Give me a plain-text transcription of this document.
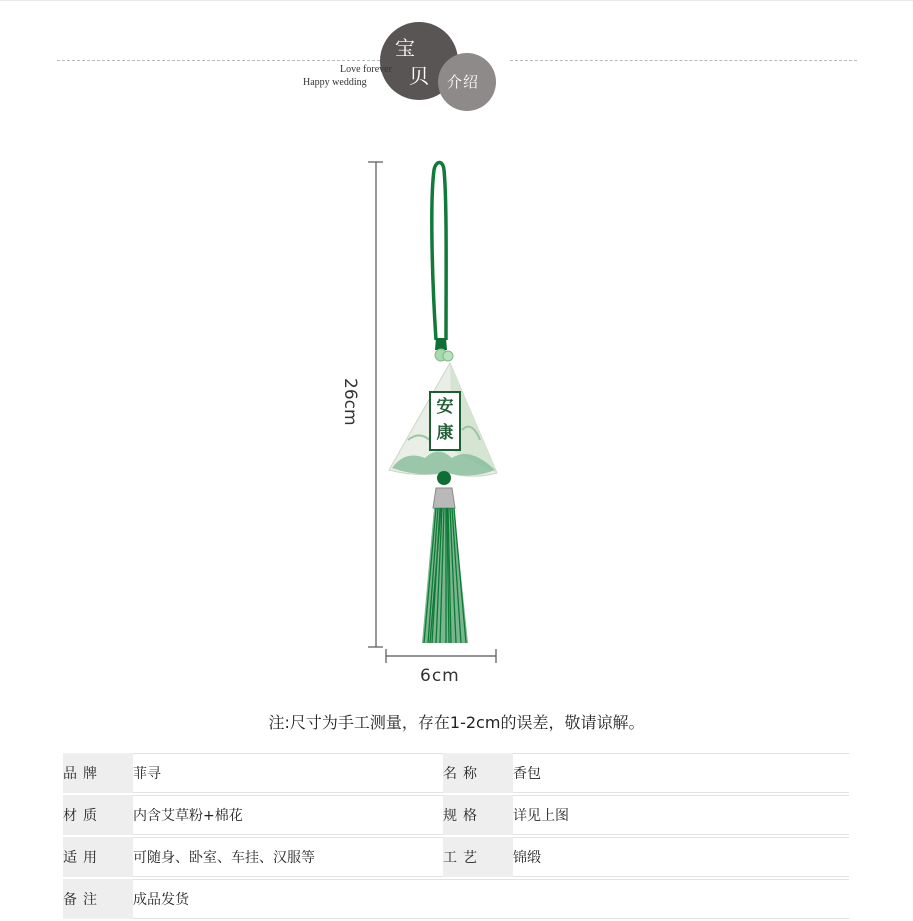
宝
贝 介绍
Love forever
Happy wedding
安
康
26cm
6cm
注:尺寸为手工测量，存在1-2cm的误差，敬请谅解。
品牌	菲寻	名称	香包
材质	内含艾草粉+棉花	规格	详见上图
适用	可随身、卧室、车挂、汉服等	工艺	锦缎
备注	成品发货		
